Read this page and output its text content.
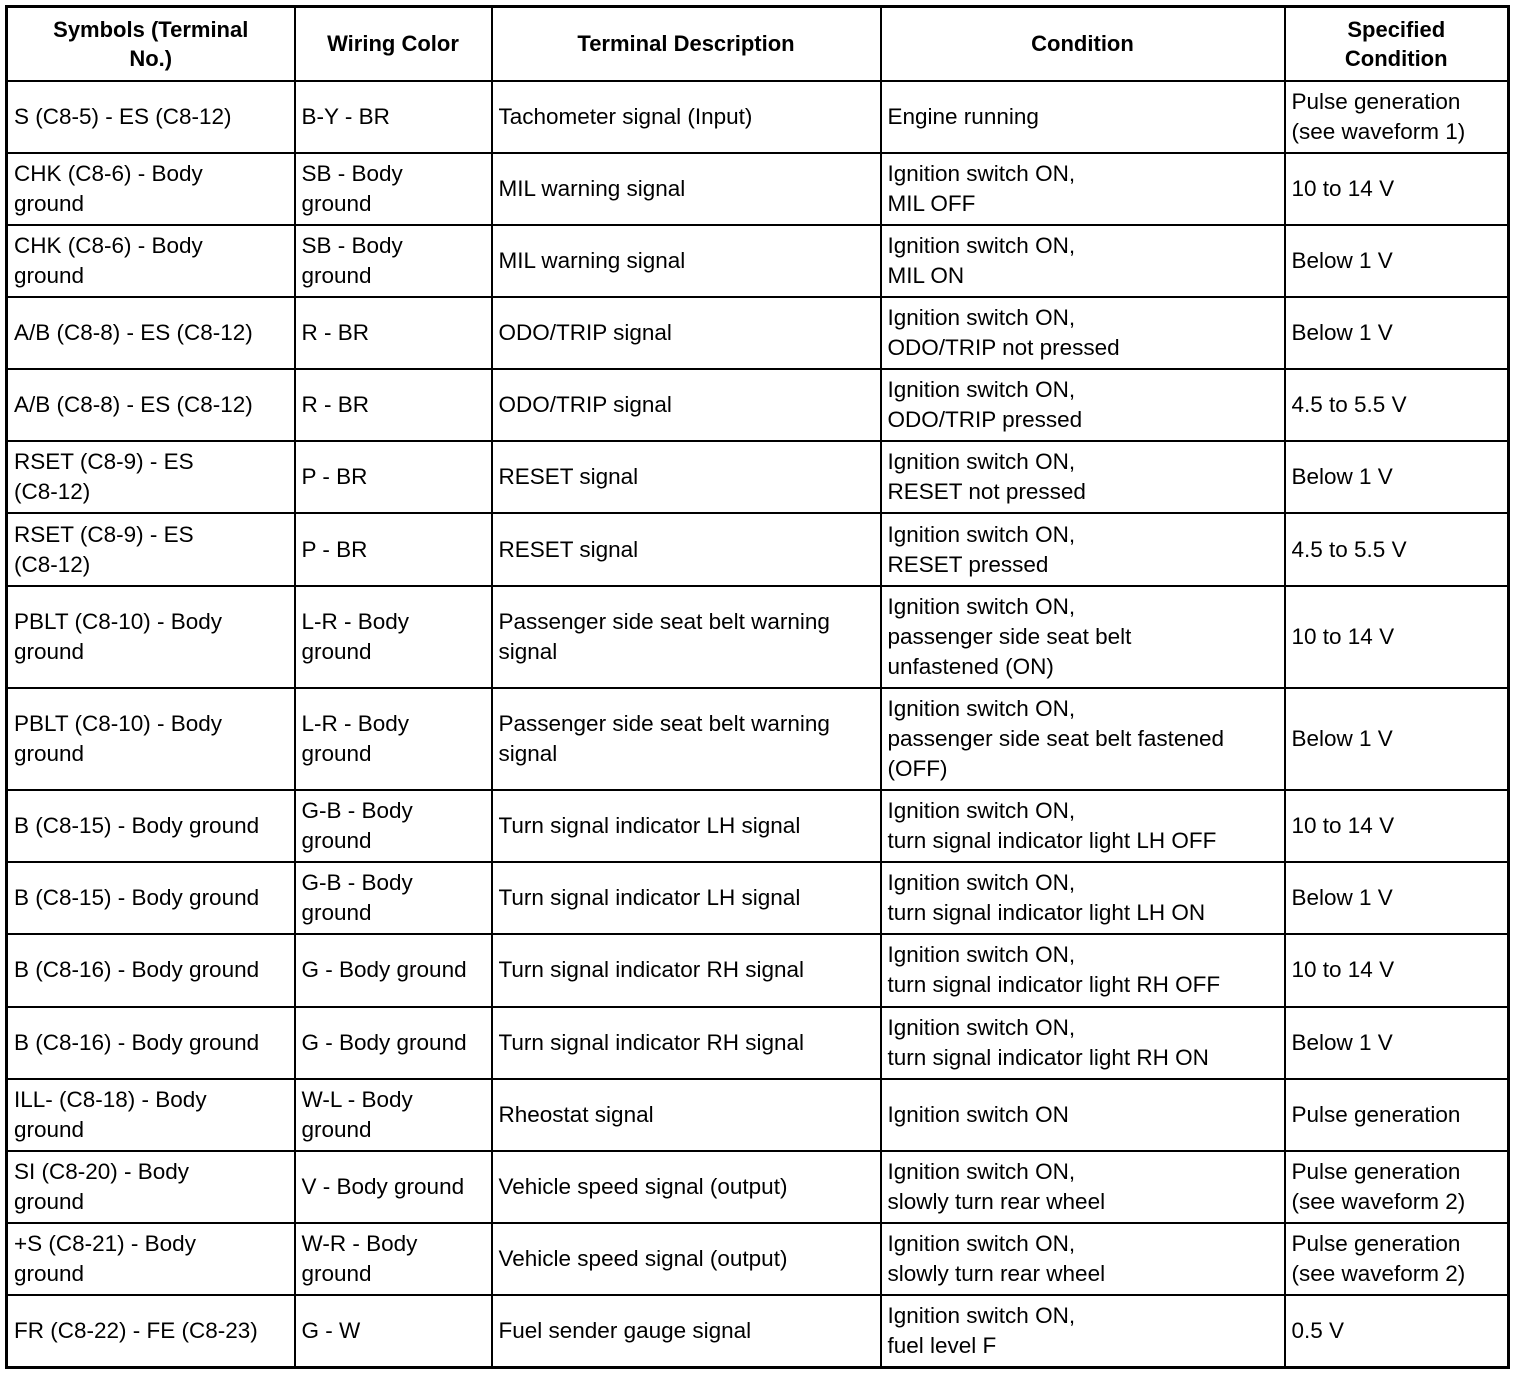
Symbols (Terminal
No.)	Wiring Color	Terminal Description	Condition	Specified
Condition
S (C8-5) - ES (C8-12)	B-Y - BR	Tachometer signal (Input)	Engine running	Pulse generation
(see waveform 1)
CHK (C8-6) - Body
ground	SB - Body
ground	MIL warning signal	Ignition switch ON,
MIL OFF	10 to 14 V
CHK (C8-6) - Body
ground	SB - Body
ground	MIL warning signal	Ignition switch ON,
MIL ON	Below 1 V
A/B (C8-8) - ES (C8-12)	R - BR	ODO/TRIP signal	Ignition switch ON,
ODO/TRIP not pressed	Below 1 V
A/B (C8-8) - ES (C8-12)	R - BR	ODO/TRIP signal	Ignition switch ON,
ODO/TRIP pressed	4.5 to 5.5 V
RSET (C8-9) - ES
(C8-12)	P - BR	RESET signal	Ignition switch ON,
RESET not pressed	Below 1 V
RSET (C8-9) - ES
(C8-12)	P - BR	RESET signal	Ignition switch ON,
RESET pressed	4.5 to 5.5 V
PBLT (C8-10) - Body
ground	L-R - Body
ground	Passenger side seat belt warning
signal	Ignition switch ON,
passenger side seat belt
unfastened (ON)	10 to 14 V
PBLT (C8-10) - Body
ground	L-R - Body
ground	Passenger side seat belt warning
signal	Ignition switch ON,
passenger side seat belt fastened
(OFF)	Below 1 V
B (C8-15) - Body ground	G-B - Body
ground	Turn signal indicator LH signal	Ignition switch ON,
turn signal indicator light LH OFF	10 to 14 V
B (C8-15) - Body ground	G-B - Body
ground	Turn signal indicator LH signal	Ignition switch ON,
turn signal indicator light LH ON	Below 1 V
B (C8-16) - Body ground	G - Body ground	Turn signal indicator RH signal	Ignition switch ON,
turn signal indicator light RH OFF	10 to 14 V
B (C8-16) - Body ground	G - Body ground	Turn signal indicator RH signal	Ignition switch ON,
turn signal indicator light RH ON	Below 1 V
ILL- (C8-18) - Body
ground	W-L - Body
ground	Rheostat signal	Ignition switch ON	Pulse generation
SI (C8-20) - Body
ground	V - Body ground	Vehicle speed signal (output)	Ignition switch ON,
slowly turn rear wheel	Pulse generation
(see waveform 2)
+S (C8-21) - Body
ground	W-R - Body
ground	Vehicle speed signal (output)	Ignition switch ON,
slowly turn rear wheel	Pulse generation
(see waveform 2)
FR (C8-22) - FE (C8-23)	G - W	Fuel sender gauge signal	Ignition switch ON,
fuel level F	0.5 V
